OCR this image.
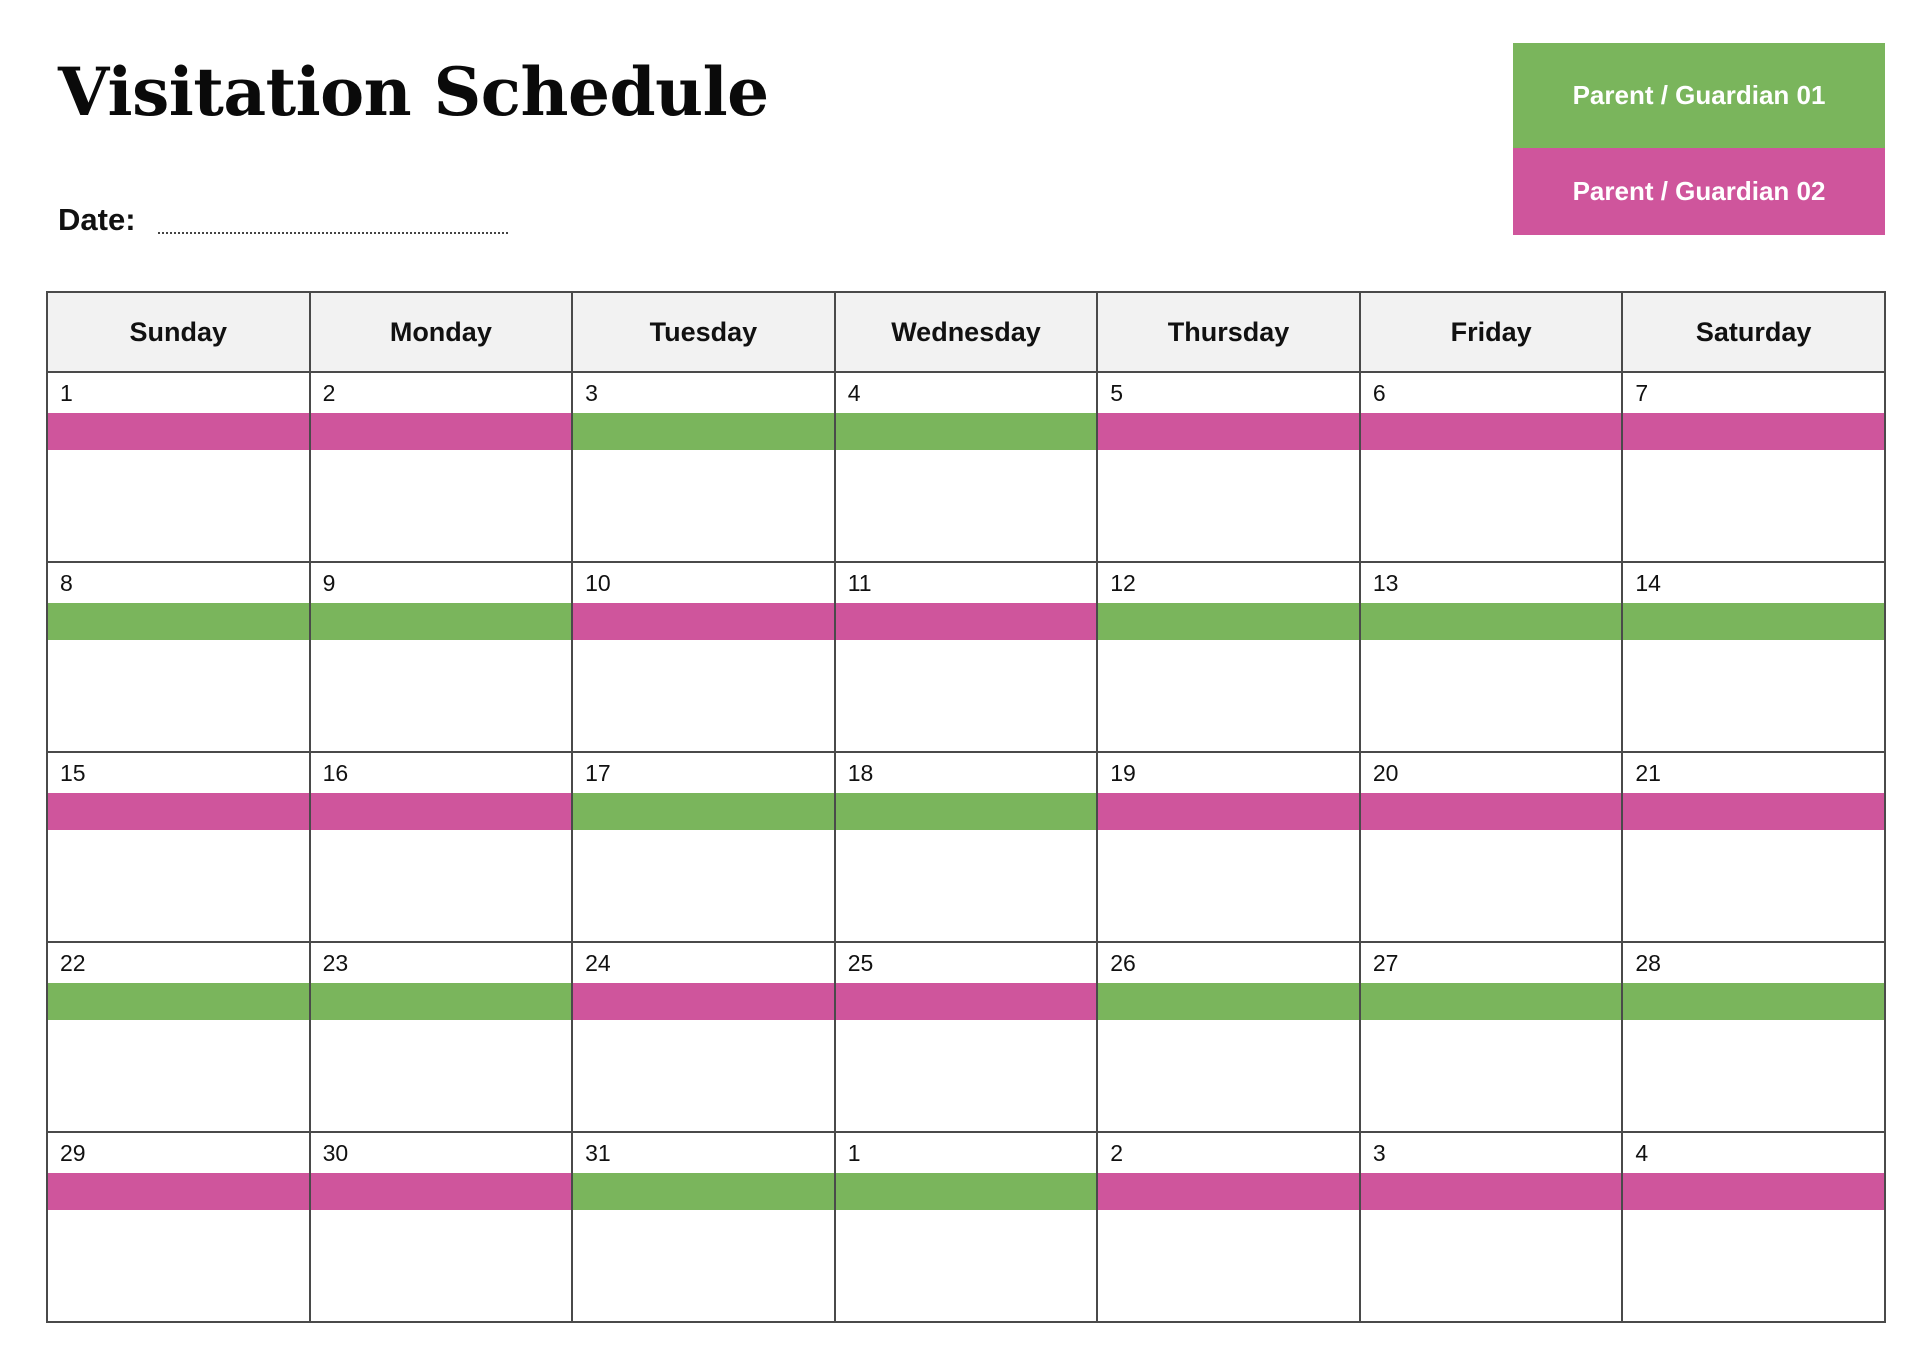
Visitation Schedule
Date:
Parent / Guardian 01
Parent / Guardian 02
Sunday	Monday	Tuesday	Wednesday	Thursday	Friday	Saturday

1	2	3	4	5	6	7

8	9	10	11	12	13	14

15	16	17	18	19	20	21

22	23	24	25	26	27	28

29	30	31	1	2	3	4
